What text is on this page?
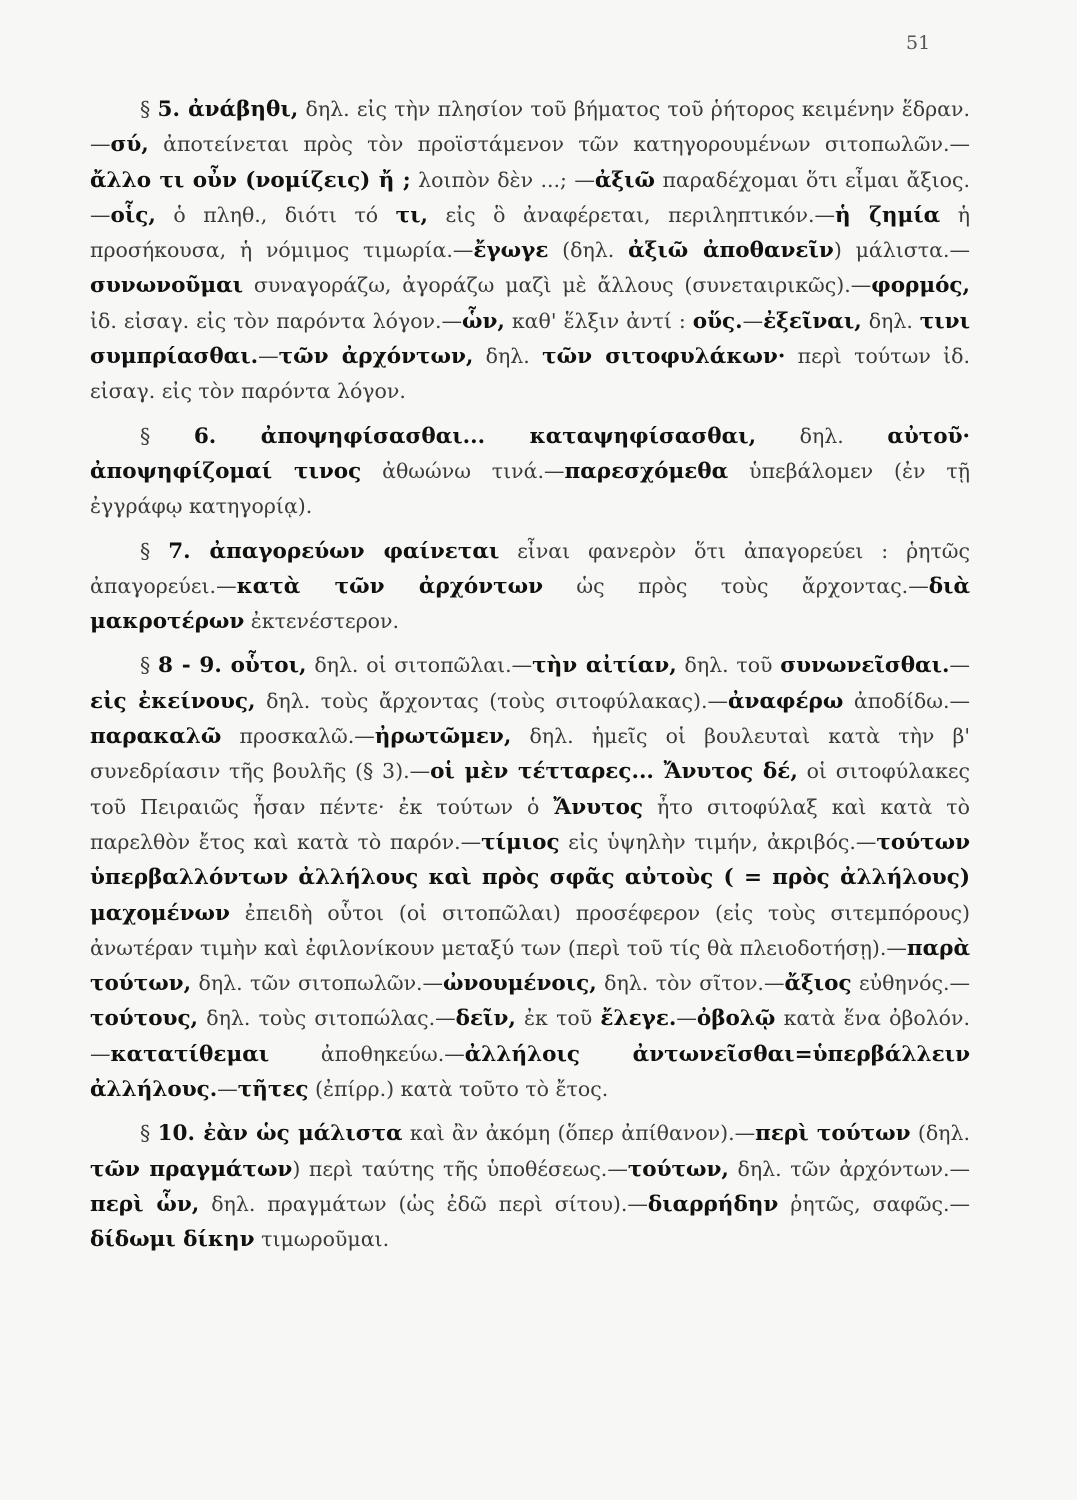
51

§ 5. ἀνάβηθι, δηλ. εἰς τὴν πλησίον τοῦ βήματος τοῦ ῥήτορος κειμένην ἕδραν.—σύ, ἀποτείνεται πρὸς τὸν προϊστάμενον τῶν κατηγορουμένων σιτοπωλῶν.—ἄλλο τι οὖν (νομίζεις) ἤ ; λοιπὸν δὲν ...; —ἀξιῶ παραδέχομαι ὅτι εἶμαι ἄξιος.—οἷς, ὁ πληθ., διότι τό τι, εἰς ὃ ἀναφέρεται, περιληπτικόν.—ἡ ζημία ἡ προσήκουσα, ἡ νόμιμος τιμωρία.—ἔγωγε (δηλ. ἀξιῶ ἀποθανεῖν) μάλιστα.—συνωνοῦμαι συναγοράζω, ἀγοράζω μαζὶ μὲ ἄλλους (συνεταιρικῶς).—φορμός, ἰδ. εἰσαγ. εἰς τὸν παρόντα λόγον.—ὧν, καθ' ἕλξιν ἀντί : οὕς.—ἐξεῖναι, δηλ. τινι συμπρίασθαι.—τῶν ἀρχόντων, δηλ. τῶν σιτοφυλάκων· περὶ τούτων ἰδ. εἰσαγ. εἰς τὸν παρόντα λόγον.

§ 6. ἀποψηφίσασθαι... καταψηφίσασθαι, δηλ. αὐτοῦ· ἀποψηφίζομαί τινος ἀθωώνω τινά.—παρεσχόμεθα ὑπεβάλομεν (ἐν τῇ ἐγγράφῳ κατηγορίᾳ).

§ 7. ἀπαγορεύων φαίνεται εἶναι φανερὸν ὅτι ἀπαγορεύει : ῥητῶς ἀπαγορεύει.—κατὰ τῶν ἀρχόντων ὡς πρὸς τοὺς ἄρχοντας.—διὰ μακροτέρων ἐκτενέστερον.

§ 8 - 9. οὗτοι, δηλ. οἱ σιτοπῶλαι.—τὴν αἰτίαν, δηλ. τοῦ συνωνεῖσθαι.—εἰς ἐκείνους, δηλ. τοὺς ἄρχοντας (τοὺς σιτοφύλακας).—ἀναφέρω ἀποδίδω.—παρακαλῶ προσκαλῶ.—ἠρωτῶμεν, δηλ. ἡμεῖς οἱ βουλευταὶ κατὰ τὴν β' συνεδρίασιν τῆς βουλῆς (§ 3).—οἱ μὲν τέτταρες... Ἄνυτος δέ, οἱ σιτοφύλακες τοῦ Πειραιῶς ἦσαν πέντε· ἐκ τούτων ὁ Ἄνυτος ἦτο σιτοφύλαξ καὶ κατὰ τὸ παρελθὸν ἔτος καὶ κατὰ τὸ παρόν.—τίμιος εἰς ὑψηλὴν τιμήν, ἀκριβός.—τούτων ὑπερβαλλόντων ἀλλήλους καὶ πρὸς σφᾶς αὐτοὺς ( = πρὸς ἀλλήλους) μαχομένων ἐπειδὴ οὗτοι (οἱ σιτοπῶλαι) προσέφερον (εἰς τοὺς σιτεμπόρους) ἀνωτέραν τιμὴν καὶ ἐφιλονίκουν μεταξύ των (περὶ τοῦ τίς θὰ πλειοδοτήσῃ).—παρὰ τούτων, δηλ. τῶν σιτοπωλῶν.—ὠνουμένοις, δηλ. τὸν σῖτον.—ἄξιος εὐθηνός.—τούτους, δηλ. τοὺς σιτοπώλας.—δεῖν, ἐκ τοῦ ἔλεγε.—ὀβολῷ κατὰ ἕνα ὀβολόν.—κατατίθεμαι ἀποθηκεύω.—ἀλλήλοις ἀντωνεῖσθαι=ὑπερβάλλειν ἀλλήλους.—τῆτες (ἐπίρρ.) κατὰ τοῦτο τὸ ἔτος.

§ 10. ἐὰν ὡς μάλιστα καὶ ἂν ἀκόμη (ὅπερ ἀπίθανον).—περὶ τούτων (δηλ. τῶν πραγμάτων) περὶ ταύτης τῆς ὑποθέσεως.—τούτων, δηλ. τῶν ἀρχόντων.—περὶ ὧν, δηλ. πραγμάτων (ὡς ἐδῶ περὶ σίτου).—διαρρήδην ῥητῶς, σαφῶς.—δίδωμι δίκην τιμωροῦμαι.
